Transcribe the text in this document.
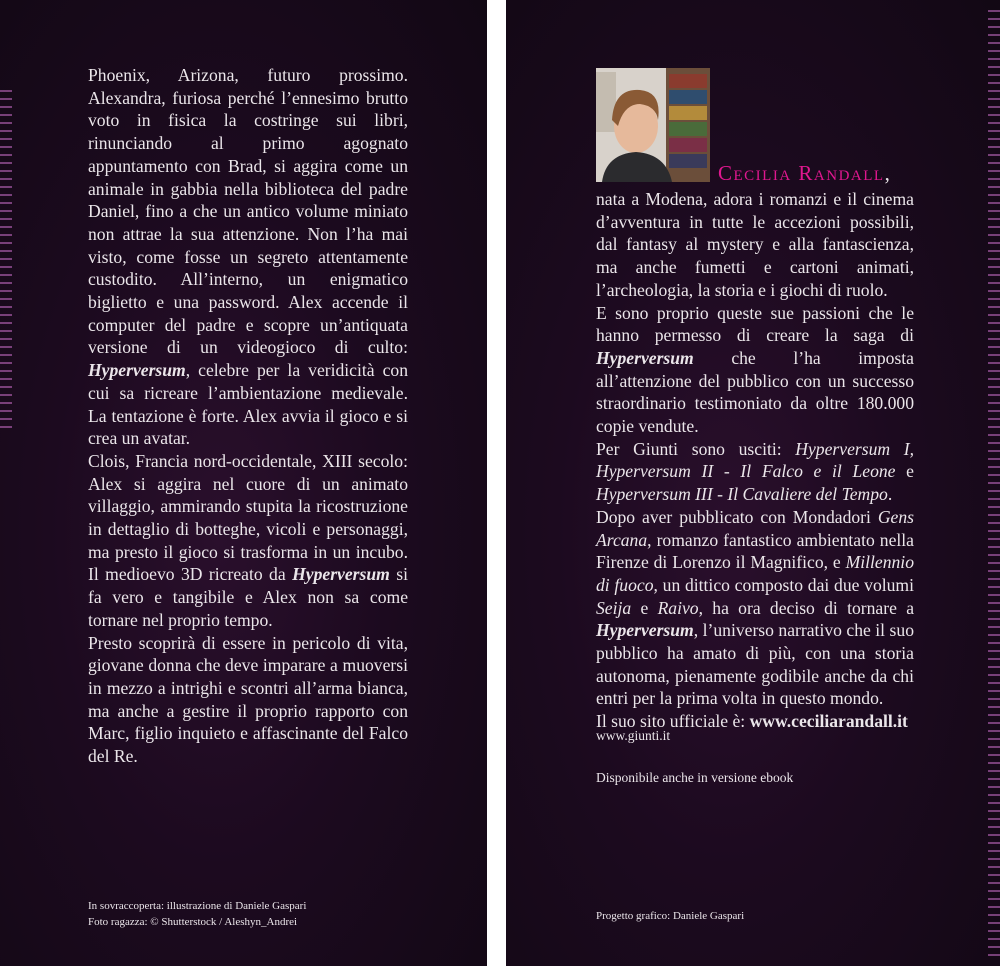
Phoenix, Arizona, futuro prossimo. Alexandra, furiosa perché l’ennesimo brutto voto in fisica la costringe sui libri, rinunciando al primo agognato appuntamento con Brad, si aggira come un animale in gabbia nella biblioteca del padre Daniel, fino a che un antico volume miniato non attrae la sua attenzione. Non l’ha mai visto, come fosse un segreto attentamente custodito. All’interno, un enigmatico biglietto e una password. Alex accende il computer del padre e scopre un’antiquata versione di un videogioco di culto: Hyperversum, celebre per la veridicità con cui sa ricreare l’ambientazione medievale. La tentazione è forte. Alex avvia il gioco e si crea un avatar.

Clois, Francia nord-occidentale, XIII secolo: Alex si aggira nel cuore di un animato villaggio, ammirando stupita la ricostruzione in dettaglio di botteghe, vicoli e personaggi, ma presto il gioco si trasforma in un incubo. Il medioevo 3D ricreato da Hyperversum si fa vero e tangibile e Alex non sa come tornare nel proprio tempo.

Presto scoprirà di essere in pericolo di vita, giovane donna che deve imparare a muoversi in mezzo a intrighi e scontri all’arma bianca, ma anche a gestire il proprio rapporto con Marc, figlio inquieto e affascinante del Falco del Re.

In sovraccoperta: illustrazione di Daniele Gaspari
Foto ragazza: © Shutterstock / Aleshyn_Andrei
Cecilia Randall,

nata a Modena, adora i romanzi e il cinema d’avventura in tutte le accezioni possibili, dal fantasy al mystery e alla fantascienza, ma anche fumetti e cartoni animati, l’archeologia, la storia e i giochi di ruolo.

E sono proprio queste sue passioni che le hanno permesso di creare la saga di Hyperversum che l’ha imposta all’attenzione del pubblico con un successo straordinario testimoniato da oltre 180.000 copie vendute.

Per Giunti sono usciti: Hyperversum I, Hyperversum II - Il Falco e il Leone e Hyperversum III - Il Cavaliere del Tempo.

Dopo aver pubblicato con Mondadori Gens Arcana, romanzo fantastico ambientato nella Firenze di Lorenzo il Magnifico, e Millennio di fuoco, un dittico composto dai due volumi Seija e Raivo, ha ora deciso di tornare a Hyperversum, l’universo narrativo che il suo pubblico ha amato di più, con una storia autonoma, pienamente godibile anche da chi entri per la prima volta in questo mondo.

Il suo sito ufficiale è: www.ceciliarandall.it

www.giunti.it
Disponibile anche in versione ebook
Progetto grafico: Daniele Gaspari
